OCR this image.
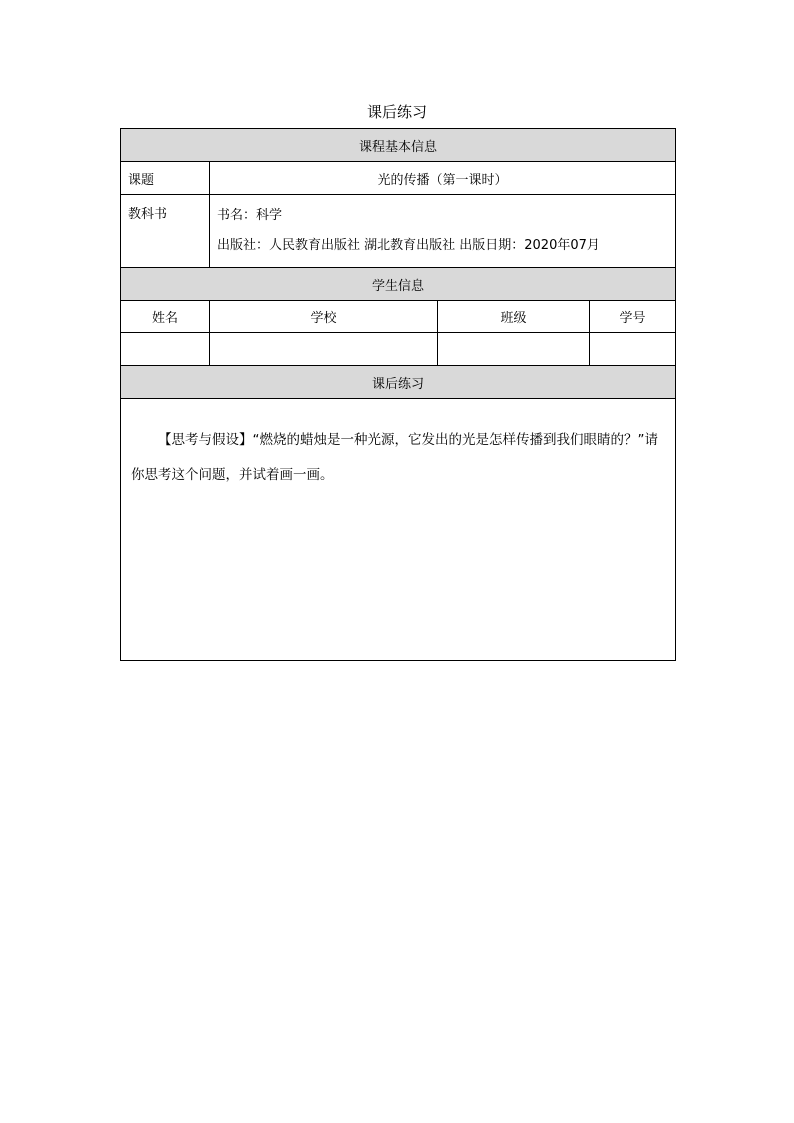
课后练习
课程基本信息			
课题	光的传播（第一课时）		
教科书	书名：科学
出版社：人民教育出版社 湖北教育出版社 出版日期：2020年07月		

学生信息			
姓名	学校	班级	学号

课后练习			
【思考与假设】“燃烧的蜡烛是一种光源，它发出的光是怎样传播到我们眼睛的？”请你思考这个问题，并试着画一画。			
